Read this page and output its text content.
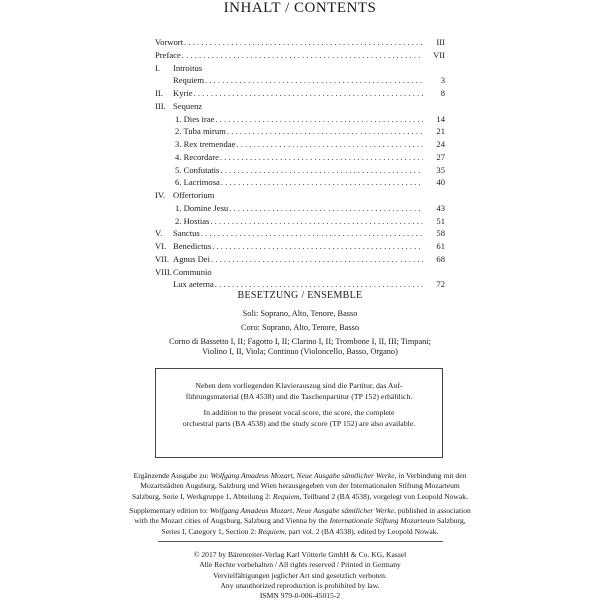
INHALT / CONTENTS
Vorwort . . .	III
Preface . . .	VII
I. Introitus
Requiem . . .	3
II. Kyrie . . .	8
III. Sequenz
1. Dies irae . . .	14
2. Tuba mirum . . .	21
3. Rex tremendae . . .	24
4. Recordare . . .	27
5. Confutatis . . .	35
6. Lacrimosa . . .	40
IV. Offertorium
1. Domine Jesu . . .	43
2. Hostias . . .	51
V. Sanctus . . .	58
VI. Benedictus . . .	61
VII. Agnus Dei . . .	68
VIII. Communio
Lux aeterna . . .	72
BESETZUNG / ENSEMBLE
Soli: Soprano, Alto, Tenore, Basso
Coro: Soprano, Alto, Tenore, Basso
Corno di Bassetto I, II; Fagotto I, II; Clarino I, II; Trombone I, II, III; Timpani;
Violino I, II, Viola; Continuo (Violoncello, Basso, Organo)

Neben dem vorliegenden Klavierauszug sind die Partitur, das Auf-
führungsmaterial (BA 4538) und die Taschenpartitur (TP 152) erhältlich.

In addition to the present vocal score, the score, the complete
orchestral parts (BA 4538) and the study score (TP 152) are also available.

Ergänzende Ausgabe zu: Wolfgang Amadeus Mozart, Neue Ausgabe sämtlicher Werke, in Verbindung mit den

Mozartstädten Augsburg, Salzburg und Wien herausgegeben von der Internationalen Stiftung Mozarteum

Salzburg, Serie I, Werkgruppe 1, Abteilung 2: Requiem, Teilband 2 (BA 4538), vorgelegt von Leopold Nowak.

Supplementary edition to: Wolfgang Amadeus Mozart, Neue Ausgabe sämtlicher Werke, published in association

with the Mozart cities of Augsburg, Salzburg and Vienna by the Internationale Stiftung Mozarteum Salzburg,

Series I, Category 1, Section 2: Requiem, part vol. 2 (BA 4538), edited by Leopold Nowak.

© 2017 by Bärenreiter-Verlag Karl Vötterle GmbH & Co. KG, Kassel
Alle Rechte vorbehalten / All rights reserved / Printed in Germany
Vervielfältigungen jeglicher Art sind gesetzlich verboten.
Any unauthorized reproduction is prohibited by law.
ISMN 979-0-006-45015-2
